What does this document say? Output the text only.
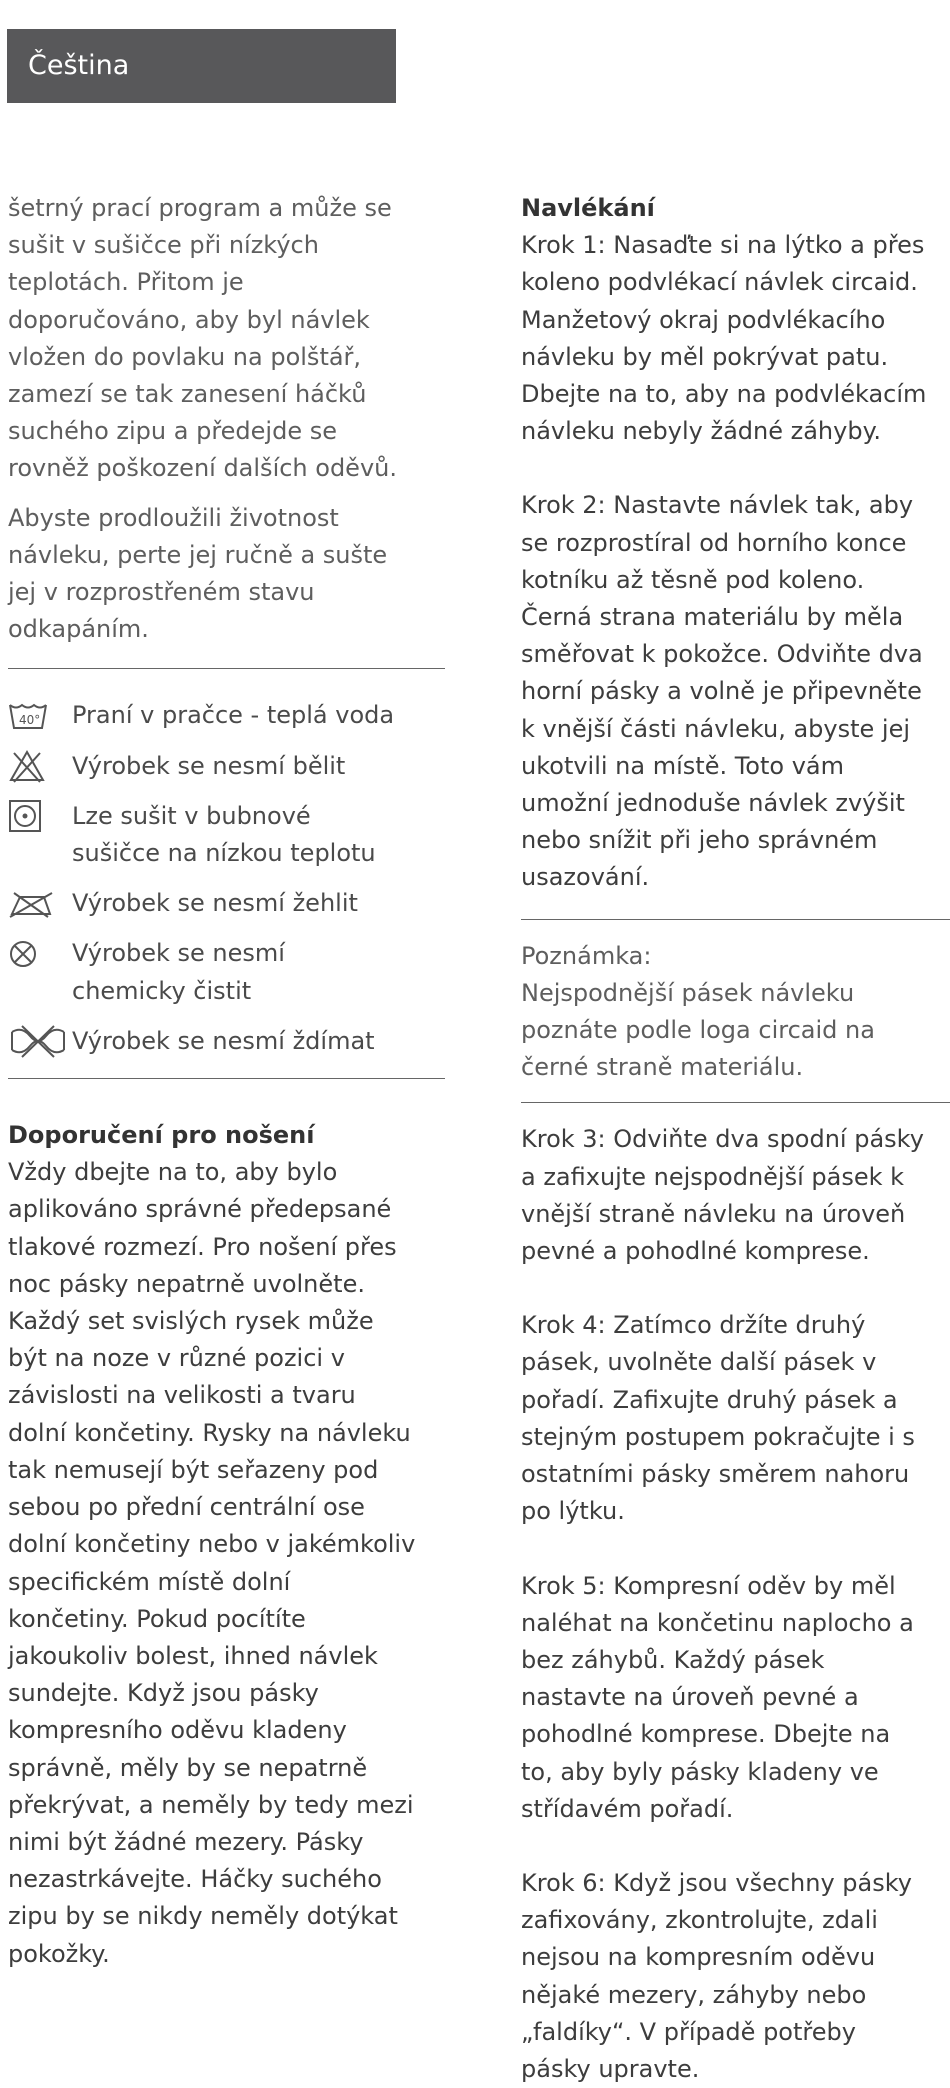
Čeština

šetrný prací program a může se
sušit v sušičce při nízkých
teplotách. Přitom je
doporučováno, aby byl návlek
vložen do povlaku na polštář,
zamezí se tak zanesení háčků
suchého zipu a předejde se
rovněž poškození dalších oděvů.

Abyste prodloužili životnost
návleku, perte jej ručně a sušte
jej v rozprostřeném stavu
odkapáním.

40° Praní v pračce - teplá voda
Výrobek se nesmí bělit
Lze sušit v bubnové
sušičce na nízkou teplotu
Výrobek se nesmí žehlit
Výrobek se nesmí
chemicky čistit
Výrobek se nesmí ždímat

Doporučení pro nošení

Vždy dbejte na to, aby bylo
aplikováno správné předepsané
tlakové rozmezí. Pro nošení přes
noc pásky nepatrně uvolněte.
Každý set svislých rysek může
být na noze v různé pozici v
závislosti na velikosti a tvaru
dolní končetiny. Rysky na návleku
tak nemusejí být seřazeny pod
sebou po přední centrální ose
dolní končetiny nebo v jakémkoliv
specifickém místě dolní
končetiny. Pokud pocítíte
jakoukoliv bolest, ihned návlek
sundejte. Když jsou pásky
kompresního oděvu kladeny
správně, měly by se nepatrně
překrývat, a neměly by tedy mezi
nimi být žádné mezery. Pásky
nezastrkávejte. Háčky suchého
zipu by se nikdy neměly dotýkat
pokožky.

Navlékání

Krok 1: Nasaďte si na lýtko a přes
koleno podvlékací návlek circaid.
Manžetový okraj podvlékacího
návleku by měl pokrývat patu.
Dbejte na to, aby na podvlékacím
návleku nebyly žádné záhyby.

Krok 2: Nastavte návlek tak, aby
se rozprostíral od horního konce
kotníku až těsně pod koleno.
Černá strana materiálu by měla
směřovat k pokožce. Odviňte dva
horní pásky a volně je připevněte
k vnější části návleku, abyste jej
ukotvili na místě. Toto vám
umožní jednoduše návlek zvýšit
nebo snížit při jeho správném
usazování.

Poznámka:

Nejspodnější pásek návleku
poznáte podle loga circaid na
černé straně materiálu.

Krok 3: Odviňte dva spodní pásky
a zafixujte nejspodnější pásek k
vnější straně návleku na úroveň
pevné a pohodlné komprese.

Krok 4: Zatímco držíte druhý
pásek, uvolněte další pásek v
pořadí. Zafixujte druhý pásek a
stejným postupem pokračujte i s
ostatními pásky směrem nahoru
po lýtku.

Krok 5: Kompresní oděv by měl
naléhat na končetinu naplocho a
bez záhybů. Každý pásek
nastavte na úroveň pevné a
pohodlné komprese. Dbejte na
to, aby byly pásky kladeny ve
střídavém pořadí.

Krok 6: Když jsou všechny pásky
zafixovány, zkontrolujte, zdali
nejsou na kompresním oděvu
nějaké mezery, záhyby nebo
„faldíky“. V případě potřeby
pásky upravte.
